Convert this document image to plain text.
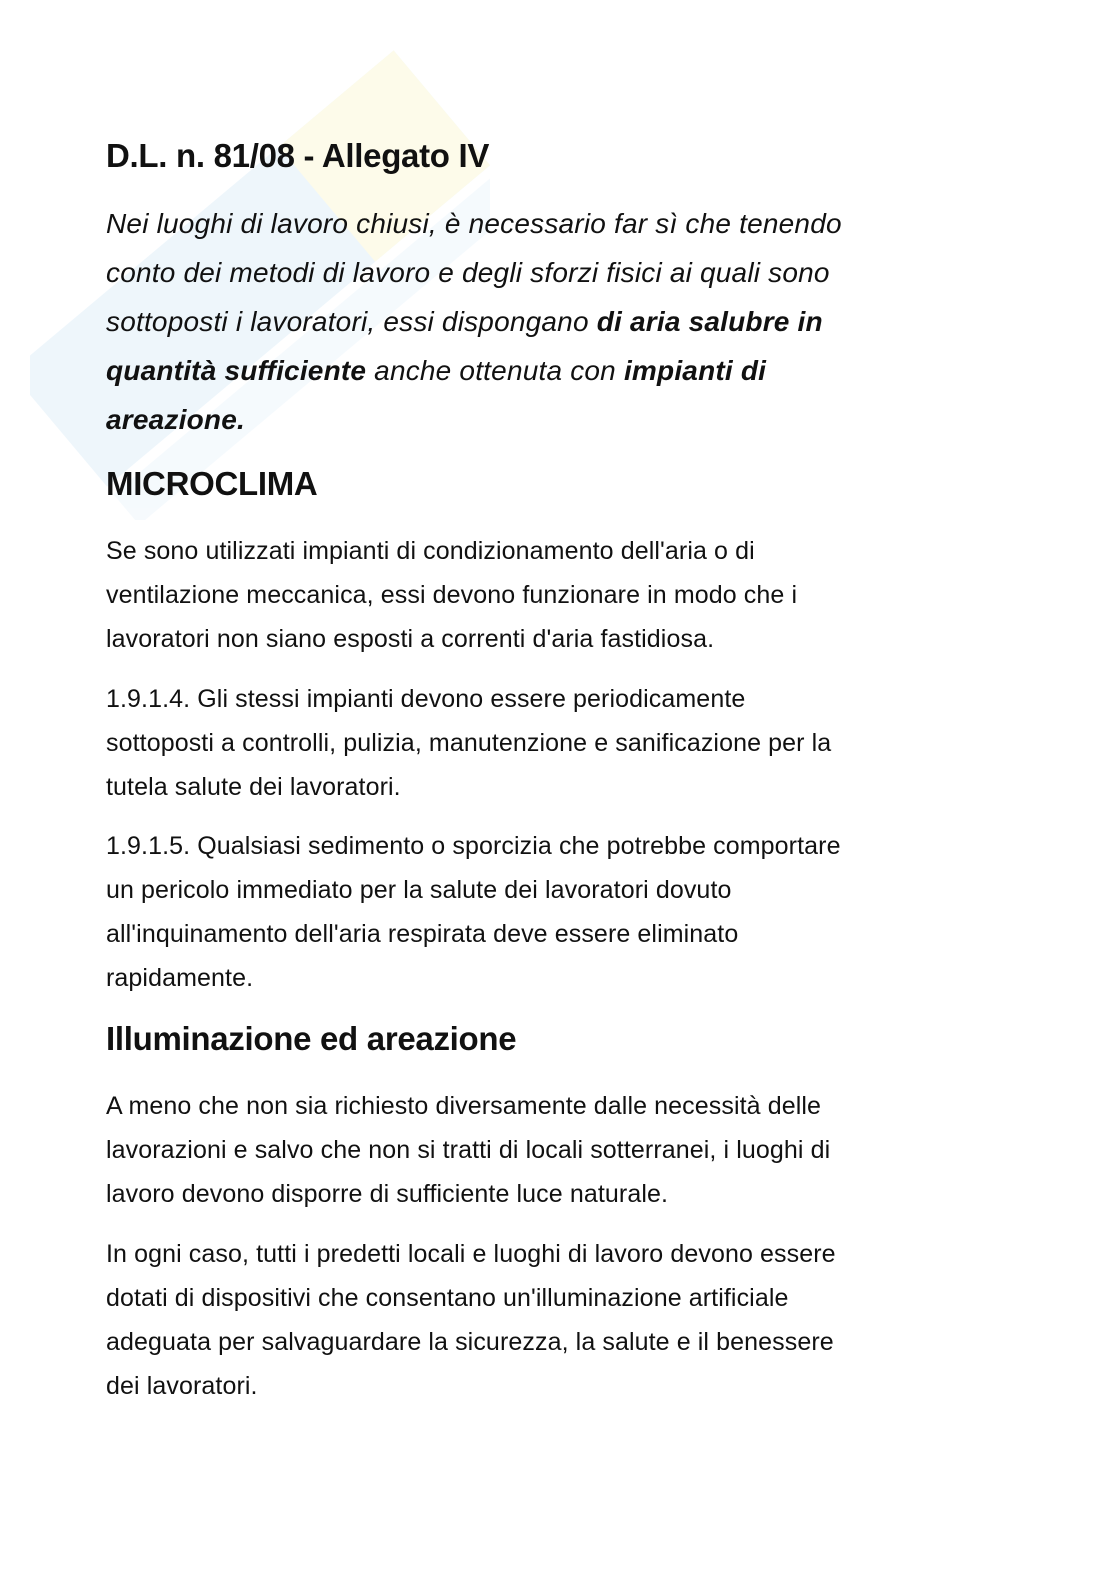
D.L. n. 81/08 - Allegato IV
Nei luoghi di lavoro chiusi, è necessario far sì che tenendo
conto dei metodi di lavoro e degli sforzi fisici ai quali sono
sottoposti i lavoratori, essi dispongano di aria salubre in
quantità sufficiente anche ottenuta con impianti di
areazione.
MICROCLIMA
Se sono utilizzati impianti di condizionamento dell'aria o di
ventilazione meccanica, essi devono funzionare in modo che i
lavoratori non siano esposti a correnti d'aria fastidiosa.
1.9.1.4. Gli stessi impianti devono essere periodicamente
sottoposti a controlli, pulizia, manutenzione e sanificazione per la
tutela salute dei lavoratori.
1.9.1.5. Qualsiasi sedimento o sporcizia che potrebbe comportare
un pericolo immediato per la salute dei lavoratori dovuto
all'inquinamento dell'aria respirata deve essere eliminato
rapidamente.
Illuminazione ed areazione
A meno che non sia richiesto diversamente dalle necessità delle
lavorazioni e salvo che non si tratti di locali sotterranei, i luoghi di
lavoro devono disporre di sufficiente luce naturale.
In ogni caso, tutti i predetti locali e luoghi di lavoro devono essere
dotati di dispositivi che consentano un'illuminazione artificiale
adeguata per salvaguardare la sicurezza, la salute e il benessere
dei lavoratori.
